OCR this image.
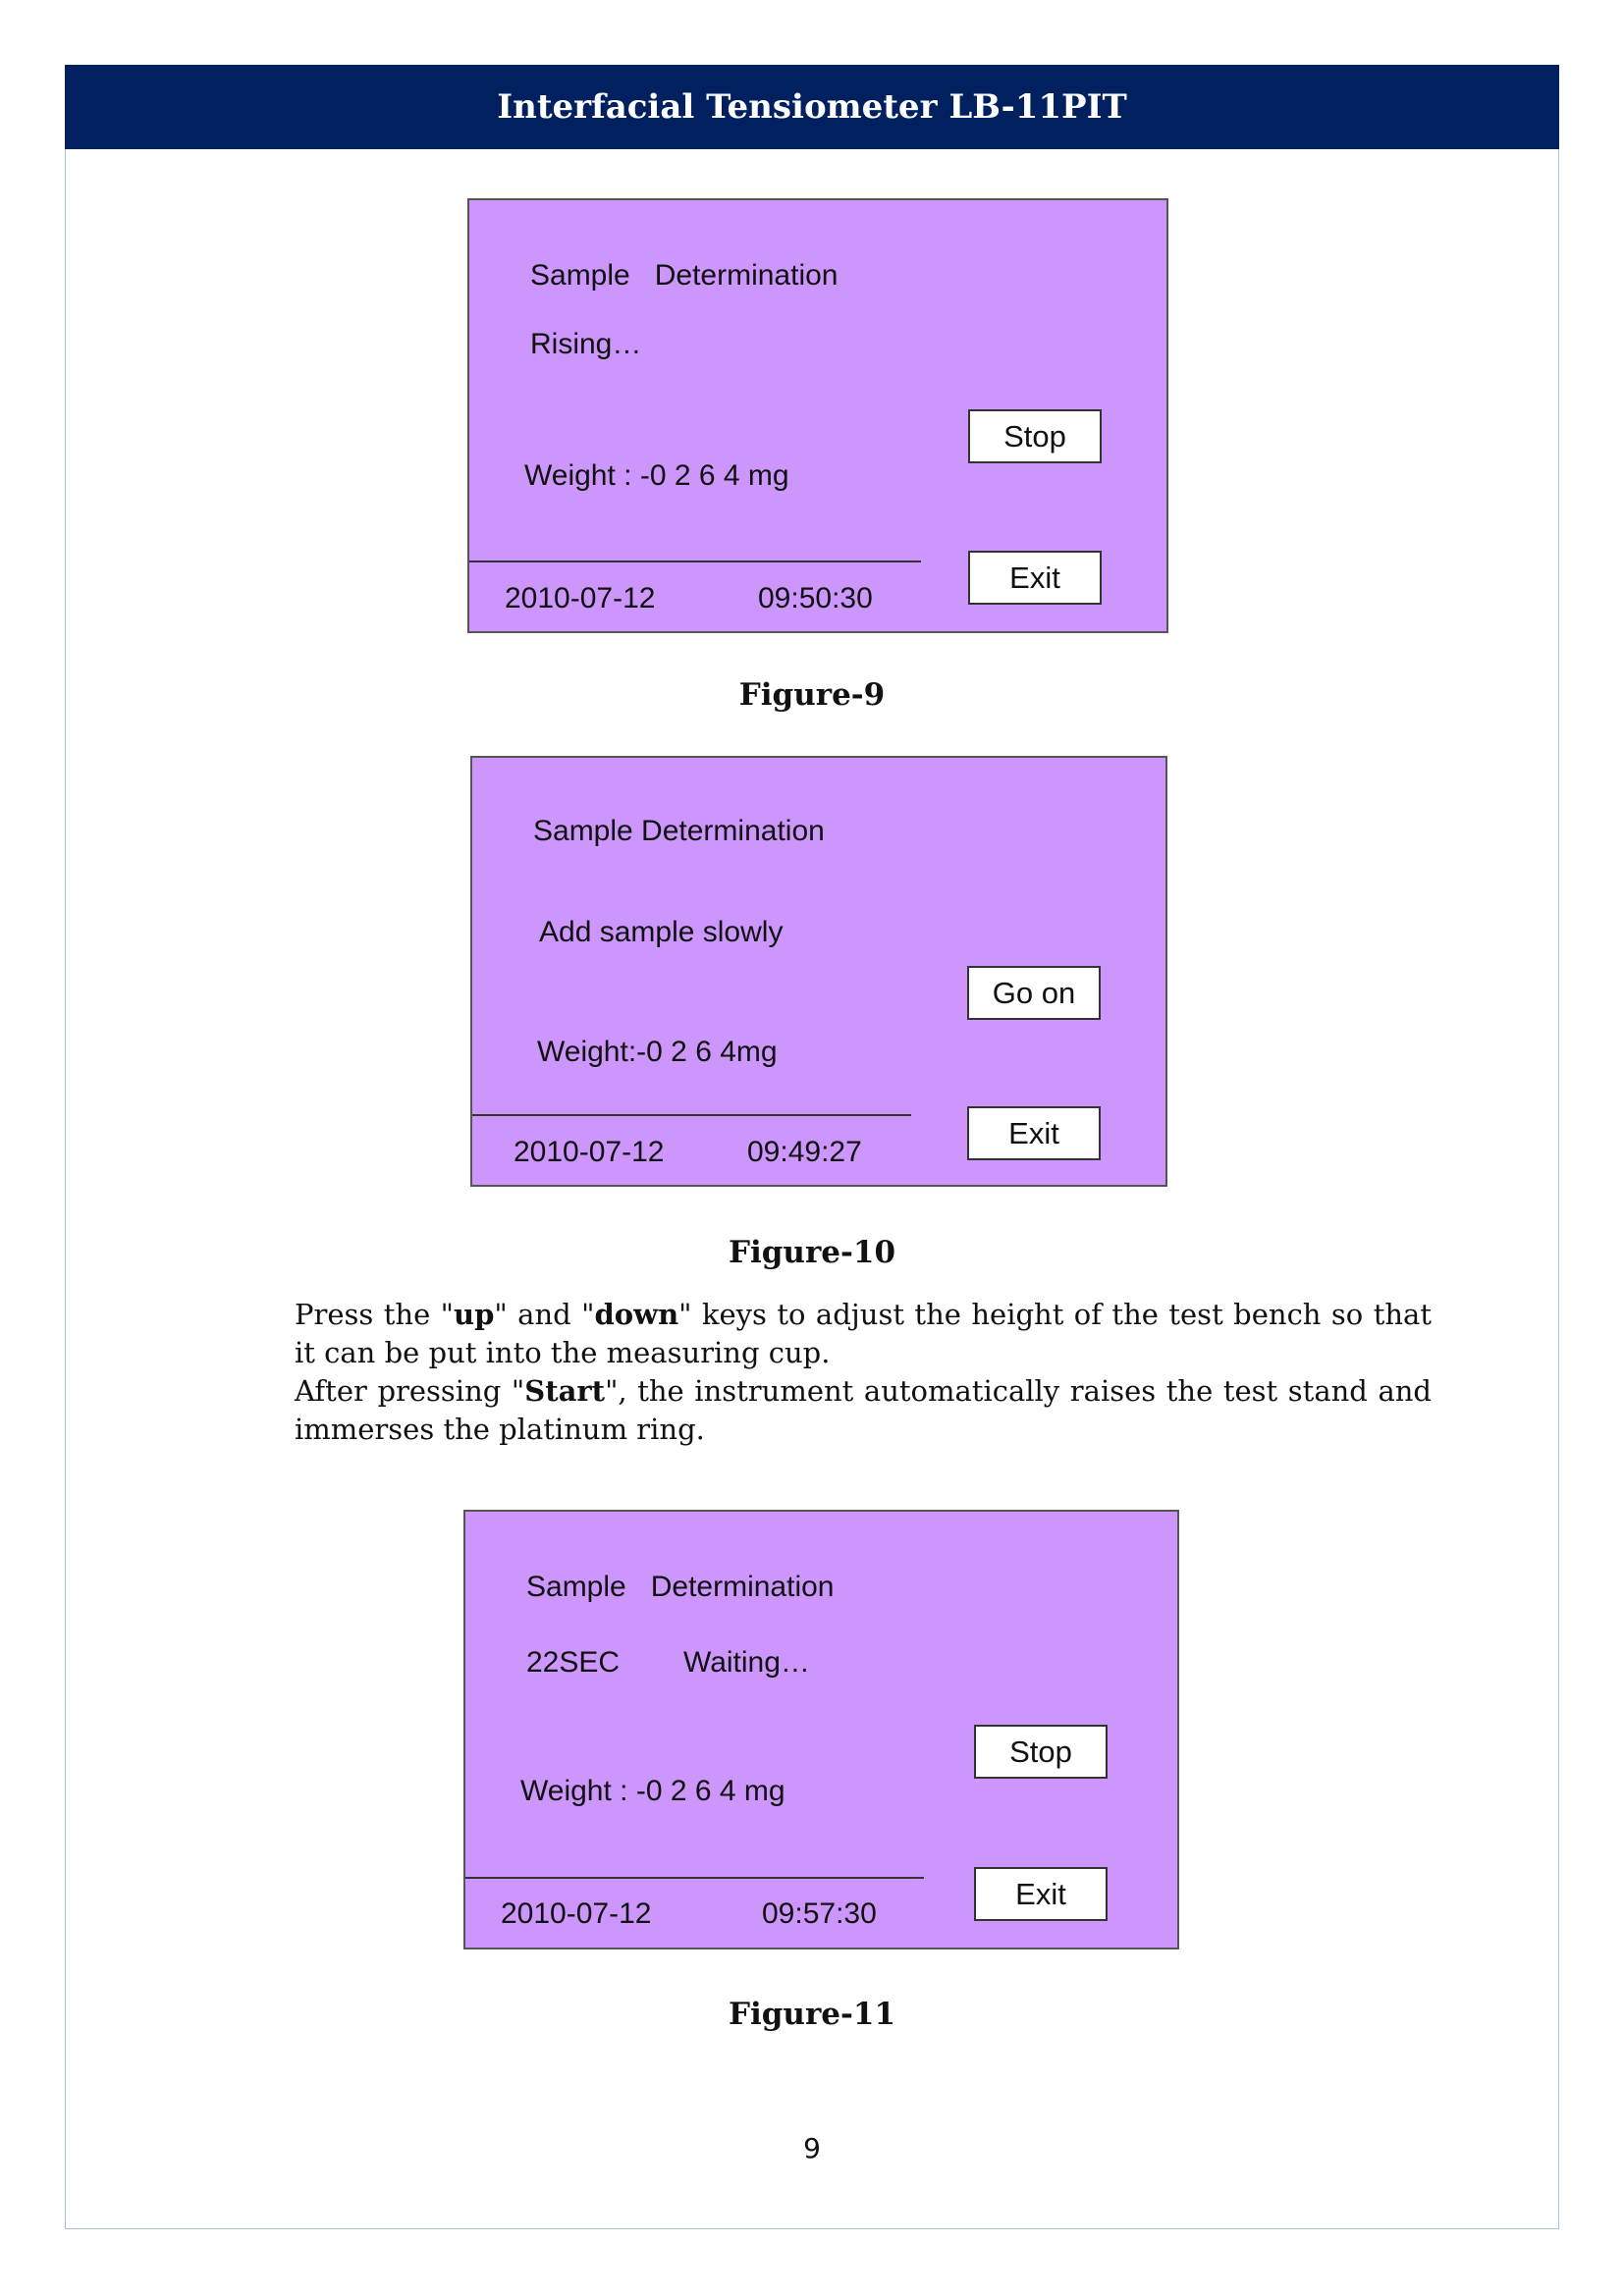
Interfacial Tensiometer LB-11PIT
Sample   Determination
Rising…
Weight : -0 2 6 4 mg
2010-07-12	09:50:30
Stop
Exit
Figure-9
Sample Determination
Add sample slowly
Weight:-0 2 6 4mg
2010-07-12	09:49:27
Go on
Exit
Figure-10

Press the "up" and "down" keys to adjust the height of the test bench so that it can be put into the measuring cup.

After pressing "Start", the instrument automatically raises the test stand and immerses the platinum ring.

Sample   Determination
22SEC Waiting…
Weight : -0 2 6 4 mg
2010-07-12	09:57:30
Stop
Exit
Figure-11
9
